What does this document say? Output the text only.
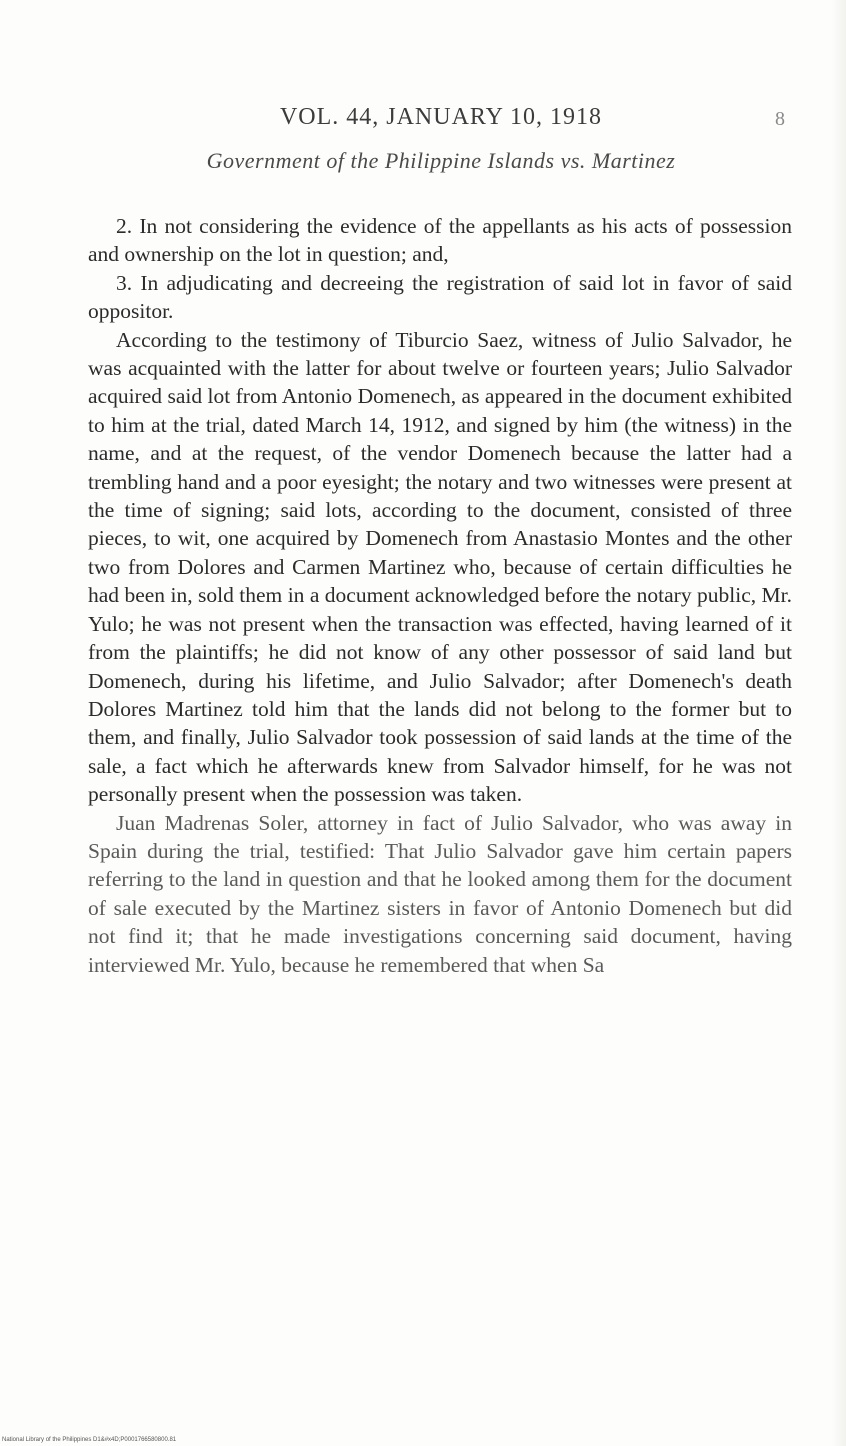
VOL. 44, JANUARY 10, 1918	8
Government of the Philippine Islands vs. Martinez

2. In not considering the evidence of the appellants as his acts of possession and ownership on the lot in question; and,

3. In adjudicating and decreeing the registration of said lot in favor of said oppositor.

According to the testimony of Tiburcio Saez, witness of Julio Salvador, he was acquainted with the latter for about twelve or fourteen years; Julio Salvador acquired said lot from Antonio Domenech, as appeared in the document exhibited to him at the trial, dated March 14, 1912, and signed by him (the witness) in the name, and at the request, of the vendor Domenech because the latter had a trembling hand and a poor eyesight; the notary and two witnesses were present at the time of signing; said lots, according to the document, consisted of three pieces, to wit, one acquired by Domenech from Anastasio Montes and the other two from Dolores and Carmen Martinez who, because of certain difficulties he had been in, sold them in a document acknowledged before the notary public, Mr. Yulo; he was not present when the transaction was effected, having learned of it from the plaintiffs; he did not know of any other possessor of said land but Domenech, during his lifetime, and Julio Salvador; after Domenech's death Dolores Martinez told him that the lands did not belong to the former but to them, and finally, Julio Salvador took possession of said lands at the time of the sale, a fact which he afterwards knew from Salvador himself, for he was not personally present when the possession was taken.

Juan Madrenas Soler, attorney in fact of Julio Salvador, who was away in Spain during the trial, testified: That Julio Salvador gave him certain papers referring to the land in question and that he looked among them for the document of sale executed by the Martinez sisters in favor of Antonio Domenech but did not find it; that he made investigations concerning said document, having interviewed Mr. Yulo, because he remembered that when Sa

National Library of the Philippines D1&#x4D;P0001766580800.81
